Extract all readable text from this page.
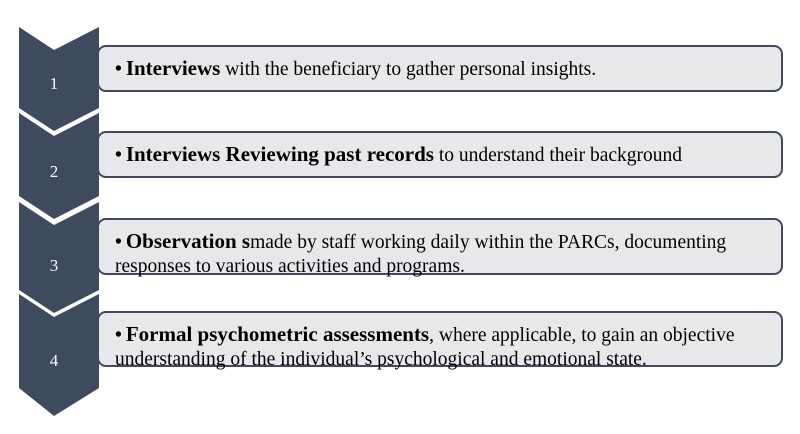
1
2
3
4
• Interviews with the beneficiary to gather personal insights.
• Interviews Reviewing past records to understand their background
• Observation smade by staff working daily within the PARCs, documenting responses to various activities and programs.
• Formal psychometric assessments, where applicable, to gain an objective understanding of the individual’s psychological and emotional state.
